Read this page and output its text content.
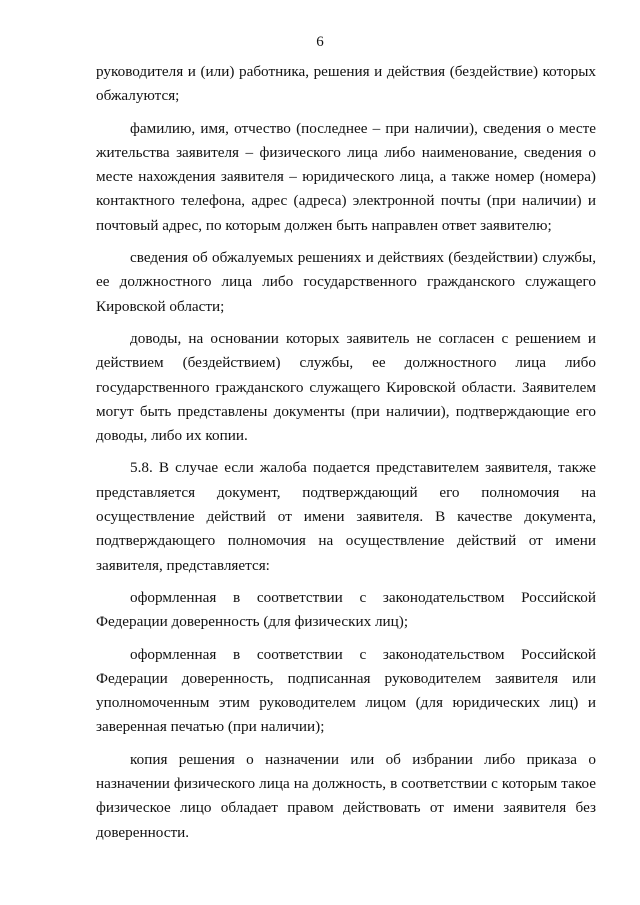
6

руководителя и (или) работника, решения и действия (бездействие) которых обжалуются;

фамилию, имя, отчество (последнее – при наличии), сведения о месте жительства заявителя – физического лица либо наименование, сведения о месте нахождения заявителя – юридического лица, а также номер (номера) контактного телефона, адрес (адреса) электронной почты (при наличии) и почтовый адрес, по которым должен быть направлен ответ заявителю;

сведения об обжалуемых решениях и действиях (бездействии) службы, ее должностного лица либо государственного гражданского служащего Кировской области;

доводы, на основании которых заявитель не согласен с решением и действием (бездействием) службы, ее должностного лица либо государственного гражданского служащего Кировской области. Заявителем могут быть представлены документы (при наличии), подтверждающие его доводы, либо их копии.

5.8. В случае если жалоба подается представителем заявителя, также представляется документ, подтверждающий его полномочия на осуществление действий от имени заявителя. В качестве документа, подтверждающего полномочия на осуществление действий от имени заявителя, представляется:

оформленная в соответствии с законодательством Российской Федерации доверенность (для физических лиц);

оформленная в соответствии с законодательством Российской Федерации доверенность, подписанная руководителем заявителя или уполномоченным этим руководителем лицом (для юридических лиц) и заверенная печатью (при наличии);

копия решения о назначении или об избрании либо приказа о назначении физического лица на должность, в соответствии с которым такое физическое лицо обладает правом действовать от имени заявителя без доверенности.
